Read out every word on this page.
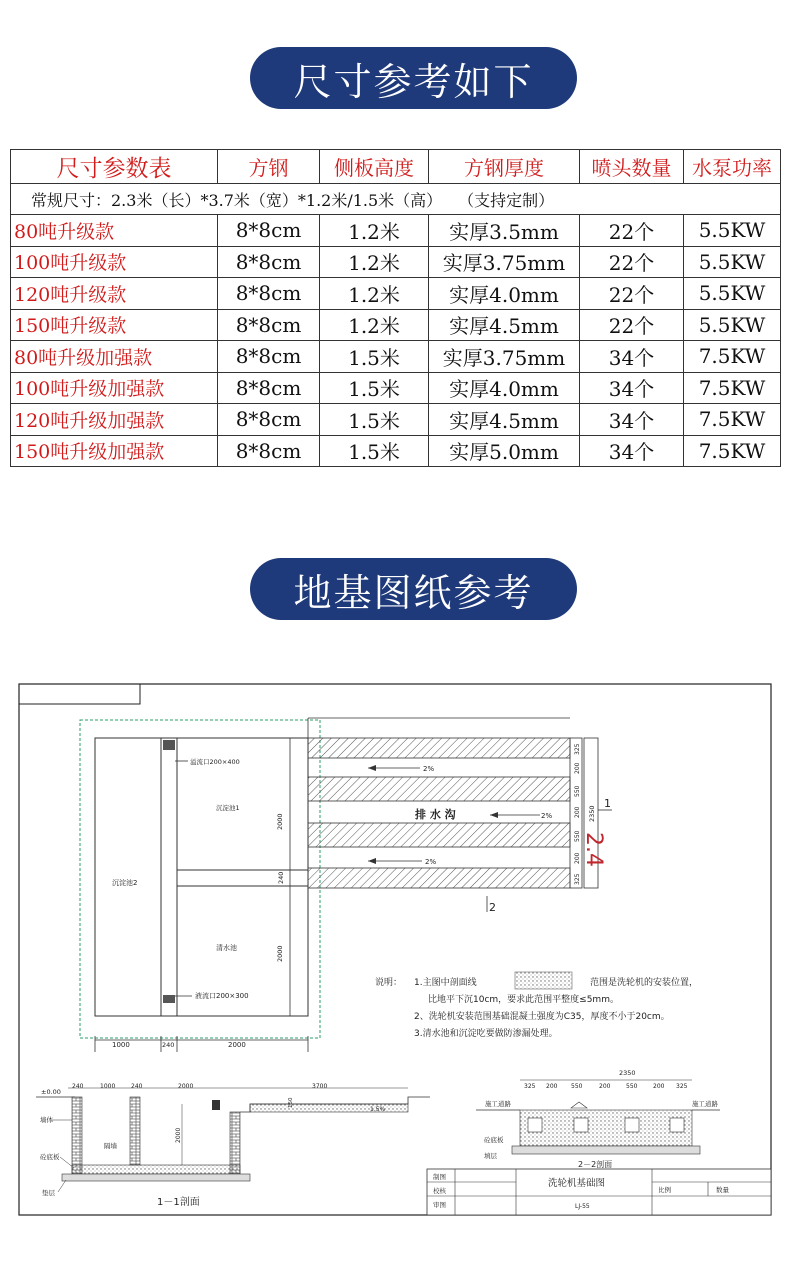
尺寸参考如下
尺寸参数表	方钢	侧板高度	方钢厚度	喷头数量	水泵功率
常规尺寸：2.3米（长）*3.7米（宽）*1.2米/1.5米（高）　　（支持定制）					
80吨升级款	8*8cm	1.2米	实厚3.5mm	22个	5.5KW
100吨升级款	8*8cm	1.2米	实厚3.75mm	22个	5.5KW
120吨升级款	8*8cm	1.2米	实厚4.0mm	22个	5.5KW
150吨升级款	8*8cm	1.2米	实厚4.5mm	22个	5.5KW
80吨升级加强款	8*8cm	1.5米	实厚3.75mm	34个	7.5KW
100吨升级加强款	8*8cm	1.5米	实厚4.0mm	34个	7.5KW
120吨升级加强款	8*8cm	1.5米	实厚4.5mm	34个	7.5KW
150吨升级加强款	8*8cm	1.5米	实厚5.0mm	34个	7.5KW
地基图纸参考
溢流口200×400
沉淀池1
沉淀池2
清水池
液流口200×300
2000
240
2000
1000	240	2000
2%
2%
排 水 沟
2%
325
200
550
200
550
200
325
2350
1
2.4
2
说明： 1.主图中剖面线	范围是洗轮机的安装位置，
比地平下沉10cm，要求此范围平整度≤5mm。
2、洗轮机安装范围基础混凝土强度为C35，厚度不小于20cm。
3.清水池和沉淀吃要做防渗漏处理。
±0.00
240	1000	240	2000	3700
墙体
隔墙
砼底板
垫层
2000
150
1.5%
1－1剖面
2350
325 200 550	200	550	200 325
施工道路	施工道路
砼底板
填层
2－2剖面
制图
校核
审图
洗轮机基础图
比例	数量
LJ-55
